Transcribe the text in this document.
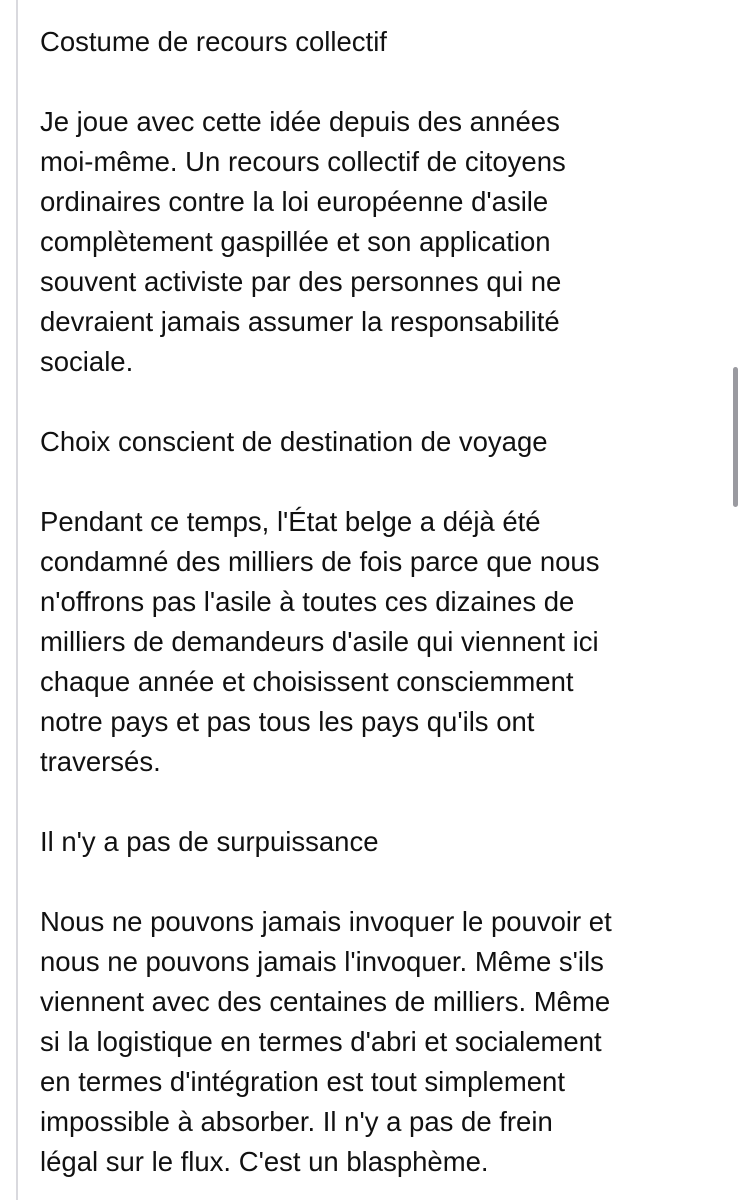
Costume de recours collectif

Je joue avec cette idée depuis des années
moi-même. Un recours collectif de citoyens
ordinaires contre la loi européenne d'asile
complètement gaspillée et son application
souvent activiste par des personnes qui ne
devraient jamais assumer la responsabilité
sociale.

Choix conscient de destination de voyage

Pendant ce temps, l'État belge a déjà été
condamné des milliers de fois parce que nous
n'offrons pas l'asile à toutes ces dizaines de
milliers de demandeurs d'asile qui viennent ici
chaque année et choisissent consciemment
notre pays et pas tous les pays qu'ils ont
traversés.

Il n'y a pas de surpuissance

Nous ne pouvons jamais invoquer le pouvoir et
nous ne pouvons jamais l'invoquer. Même s'ils
viennent avec des centaines de milliers. Même
si la logistique en termes d'abri et socialement
en termes d'intégration est tout simplement
impossible à absorber. Il n'y a pas de frein
légal sur le flux. C'est un blasphème.
